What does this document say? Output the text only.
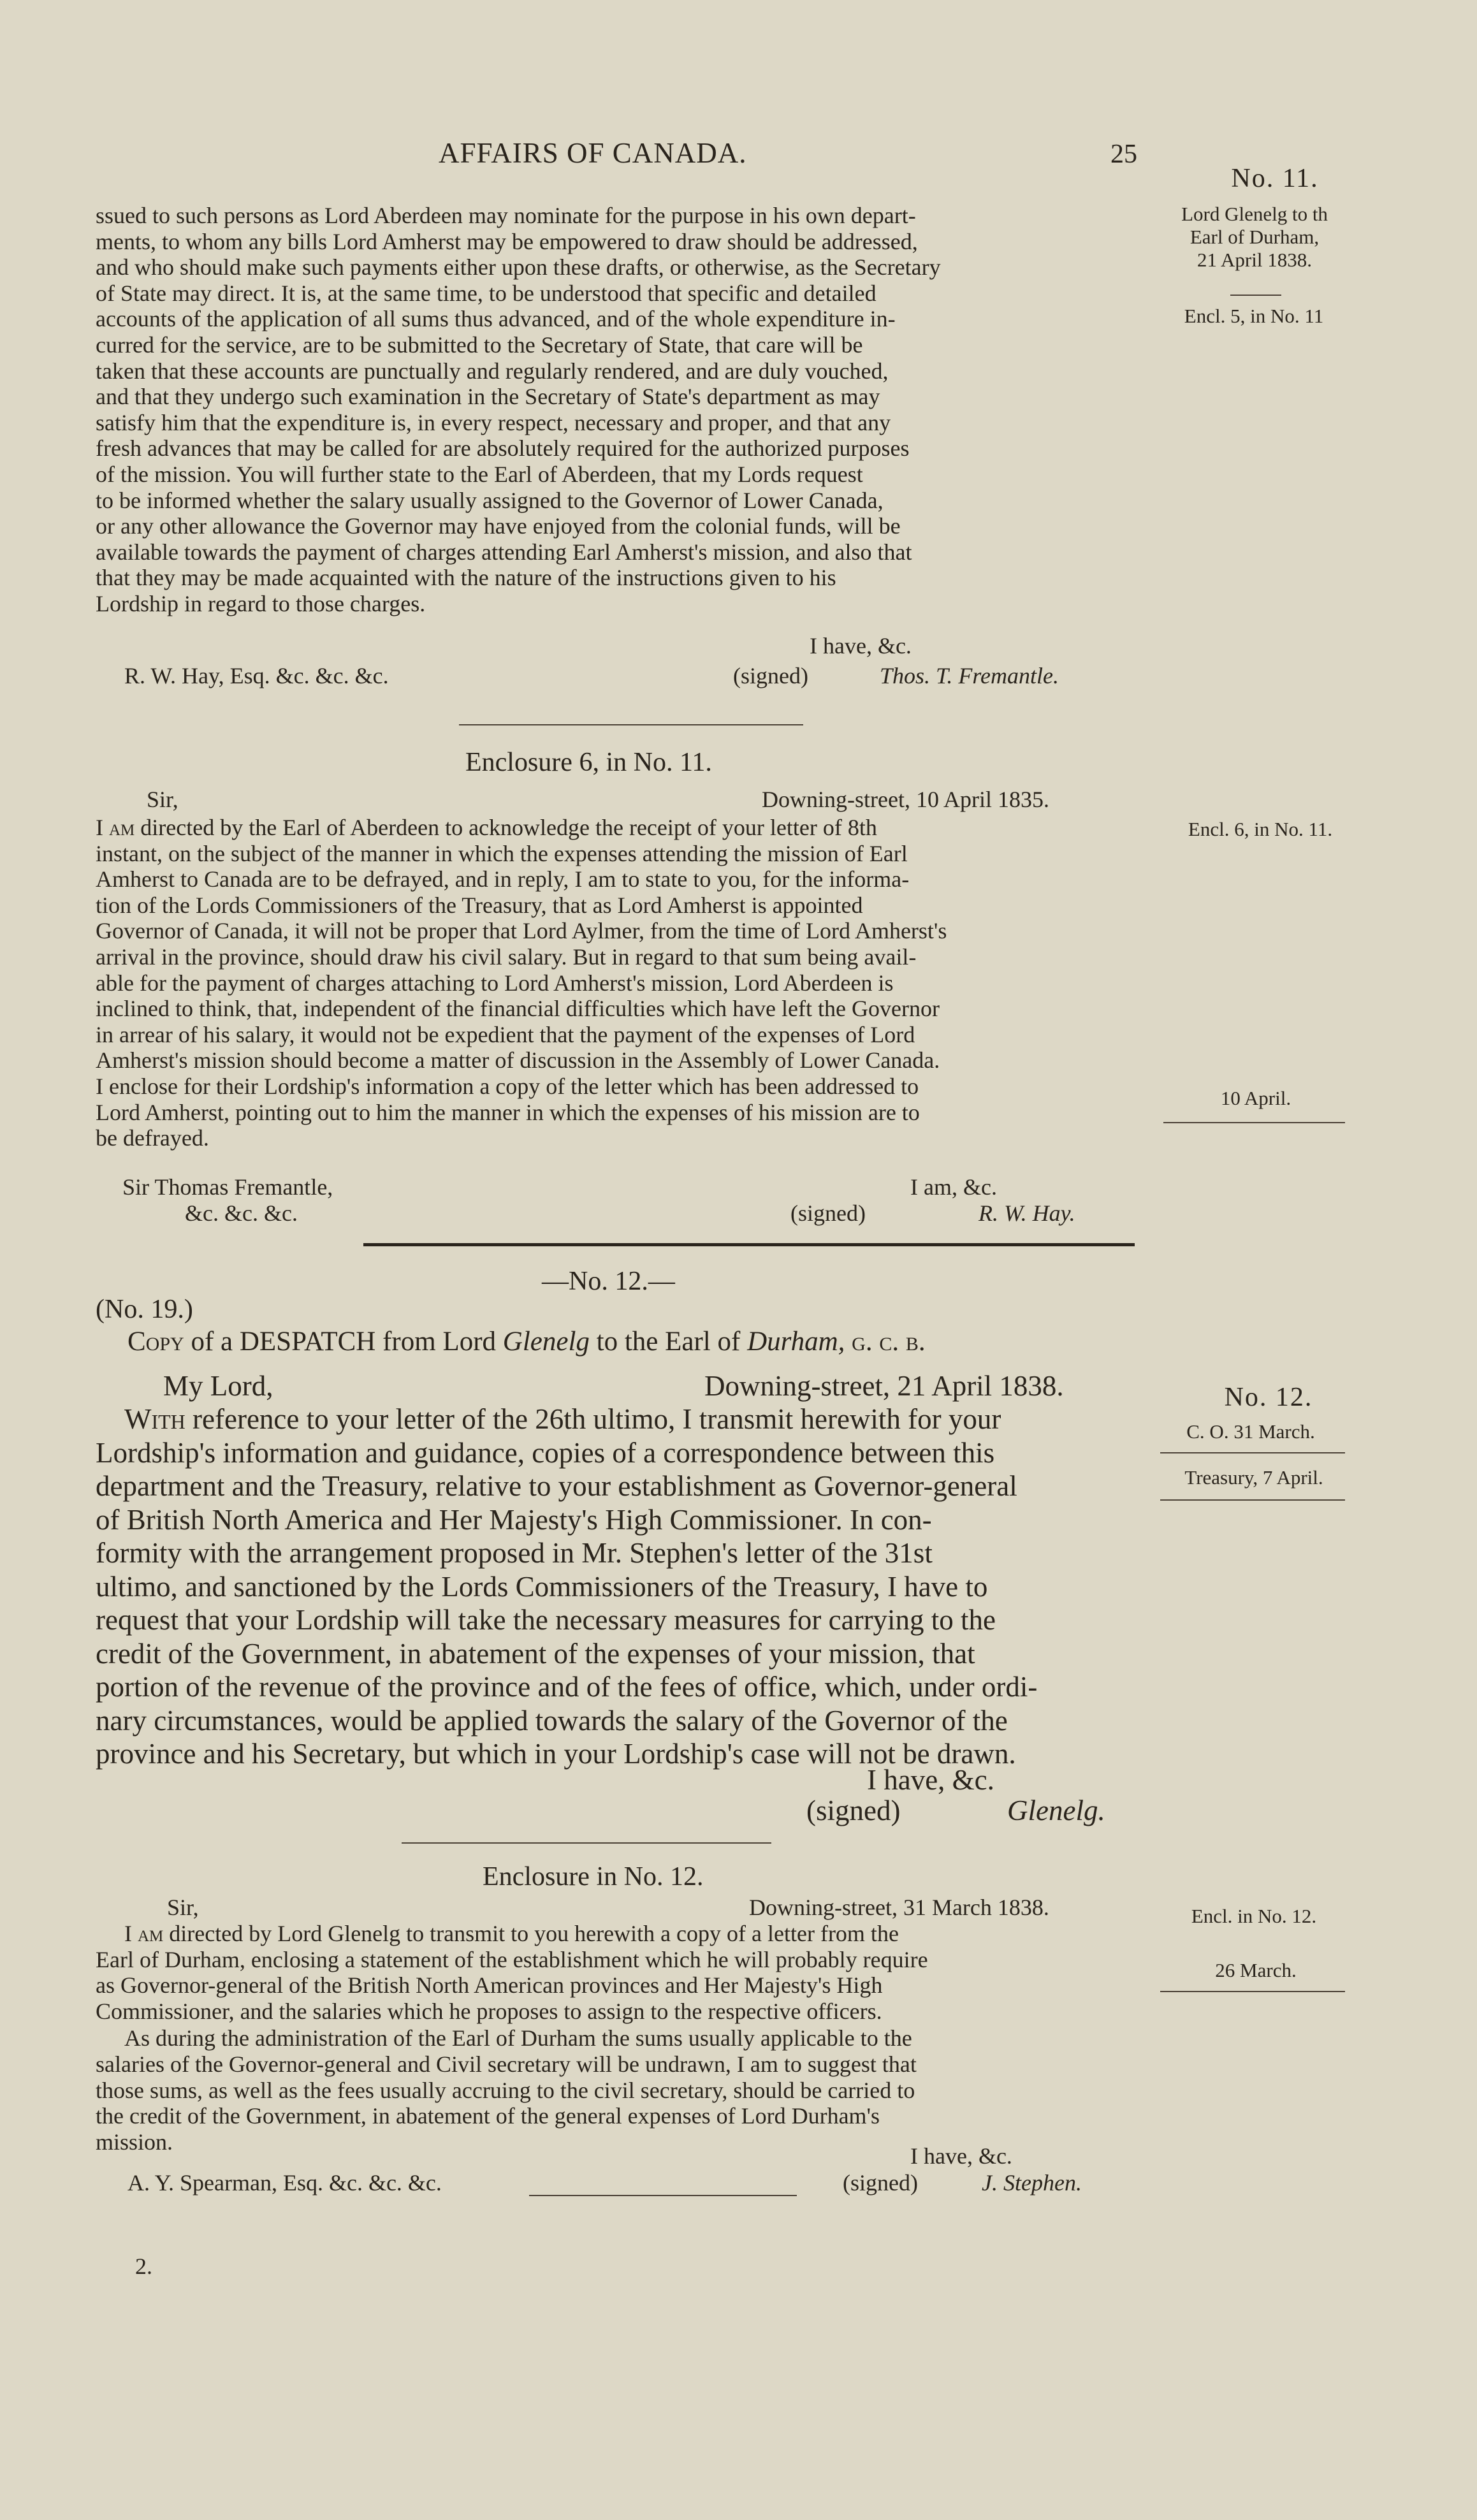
AFFAIRS OF CANADA.	25
No. 11.
Lord Glenelg to th
Earl of Durham,
21 April 1838.
Encl. 5, in No. 11
ssued to such persons as Lord Aberdeen may nominate for the purpose in his own depart-
ments, to whom any bills Lord Amherst may be empowered to draw should be addressed,
and who should make such payments either upon these drafts, or otherwise, as the Secretary
of State may direct. It is, at the same time, to be understood that specific and detailed
accounts of the application of all sums thus advanced, and of the whole expenditure in-
curred for the service, are to be submitted to the Secretary of State, that care will be
taken that these accounts are punctually and regularly rendered, and are duly vouched,
and that they undergo such examination in the Secretary of State's department as may
satisfy him that the expenditure is, in every respect, necessary and proper, and that any
fresh advances that may be called for are absolutely required for the authorized purposes
of the mission. You will further state to the Earl of Aberdeen, that my Lords request
to be informed whether the salary usually assigned to the Governor of Lower Canada,
or any other allowance the Governor may have enjoyed from the colonial funds, will be
available towards the payment of charges attending Earl Amherst's mission, and also that
that they may be made acquainted with the nature of the instructions given to his
Lordship in regard to those charges.
I have, &c.
R. W. Hay, Esq. &c. &c. &c.	(signed)	Thos. T. Fremantle.
Enclosure 6, in No. 11.
Encl. 6, in No. 11.
Sir,	Downing-street, 10 April 1835.
I am directed by the Earl of Aberdeen to acknowledge the receipt of your letter of 8th
instant, on the subject of the manner in which the expenses attending the mission of Earl
Amherst to Canada are to be defrayed, and in reply, I am to state to you, for the informa-
tion of the Lords Commissioners of the Treasury, that as Lord Amherst is appointed
Governor of Canada, it will not be proper that Lord Aylmer, from the time of Lord Amherst's
arrival in the province, should draw his civil salary. But in regard to that sum being avail-
able for the payment of charges attaching to Lord Amherst's mission, Lord Aberdeen is
inclined to think, that, independent of the financial difficulties which have left the Governor
in arrear of his salary, it would not be expedient that the payment of the expenses of Lord
Amherst's mission should become a matter of discussion in the Assembly of Lower Canada.
I enclose for their Lordship's information a copy of the letter which has been addressed to
Lord Amherst, pointing out to him the manner in which the expenses of his mission are to
be defrayed.
10 April.
Sir Thomas Fremantle,
&c. &c. &c.
I am, &c.
(signed)	R. W. Hay.
—No. 12.—
(No. 19.)
Copy of a DESPATCH from Lord Glenelg to the Earl of Durham, g. c. b.
My Lord,	Downing-street, 21 April 1838.
With reference to your letter of the 26th ultimo, I transmit herewith for your
Lordship's information and guidance, copies of a correspondence between this
department and the Treasury, relative to your establishment as Governor-general
of British North America and Her Majesty's High Commissioner. In con-
formity with the arrangement proposed in Mr. Stephen's letter of the 31st
ultimo, and sanctioned by the Lords Commissioners of the Treasury, I have to
request that your Lordship will take the necessary measures for carrying to the
credit of the Government, in abatement of the expenses of your mission, that
portion of the revenue of the province and of the fees of office, which, under ordi-
nary circumstances, would be applied towards the salary of the Governor of the
province and his Secretary, but which in your Lordship's case will not be drawn.
No. 12.
C. O. 31 March.
Treasury, 7 April.
I have, &c.
(signed)	Glenelg.
Enclosure in No. 12.
Sir,	Downing-street, 31 March 1838.
I am directed by Lord Glenelg to transmit to you herewith a copy of a letter from the
Earl of Durham, enclosing a statement of the establishment which he will probably require
as Governor-general of the British North American provinces and Her Majesty's High
Commissioner, and the salaries which he proposes to assign to the respective officers.
As during the administration of the Earl of Durham the sums usually applicable to the
salaries of the Governor-general and Civil secretary will be undrawn, I am to suggest that
those sums, as well as the fees usually accruing to the civil secretary, should be carried to
the credit of the Government, in abatement of the general expenses of Lord Durham's
mission.
Encl. in No. 12.
26 March.
I have, &c.
A. Y. Spearman, Esq. &c. &c. &c.	(signed)	J. Stephen.
2.
